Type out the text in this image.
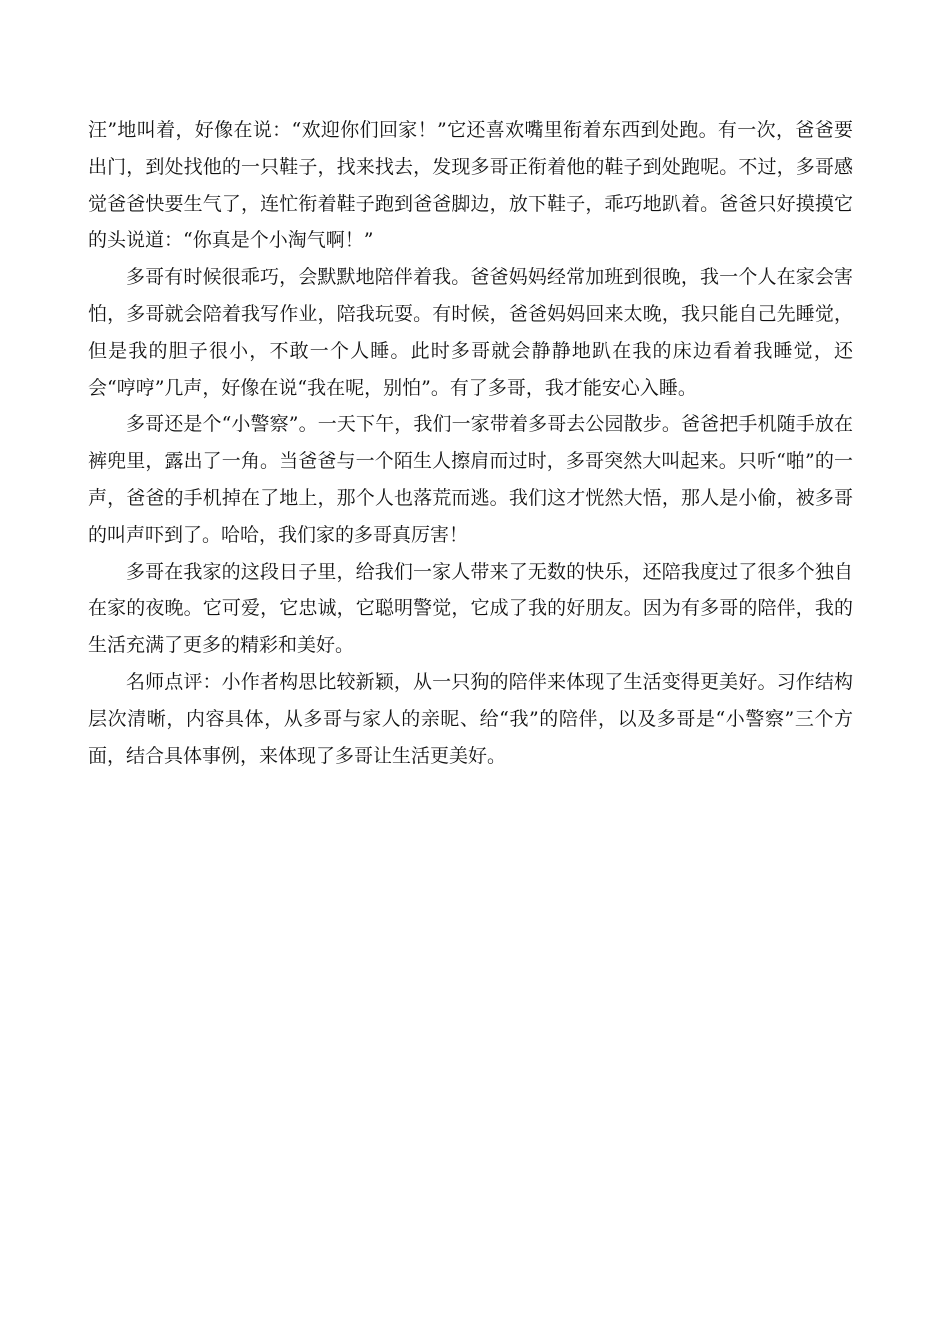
汪”地叫着，好像在说：“欢迎你们回家！”它还喜欢嘴里衔着东西到处跑。有一次，爸爸要出门，到处找他的一只鞋子，找来找去，发现多哥正衔着他的鞋子到处跑呢。不过，多哥感觉爸爸快要生气了，连忙衔着鞋子跑到爸爸脚边，放下鞋子，乖巧地趴着。爸爸只好摸摸它的头说道：“你真是个小淘气啊！”

多哥有时候很乖巧，会默默地陪伴着我。爸爸妈妈经常加班到很晚，我一个人在家会害怕，多哥就会陪着我写作业，陪我玩耍。有时候，爸爸妈妈回来太晚，我只能自己先睡觉，但是我的胆子很小，不敢一个人睡。此时多哥就会静静地趴在我的床边看着我睡觉，还会“哼哼”几声，好像在说“我在呢，别怕”。有了多哥，我才能安心入睡。

多哥还是个“小警察”。一天下午，我们一家带着多哥去公园散步。爸爸把手机随手放在裤兜里，露出了一角。当爸爸与一个陌生人擦肩而过时，多哥突然大叫起来。只听“啪”的一声，爸爸的手机掉在了地上，那个人也落荒而逃。我们这才恍然大悟，那人是小偷，被多哥的叫声吓到了。哈哈，我们家的多哥真厉害！

多哥在我家的这段日子里，给我们一家人带来了无数的快乐，还陪我度过了很多个独自在家的夜晚。它可爱，它忠诚，它聪明警觉，它成了我的好朋友。因为有多哥的陪伴，我的生活充满了更多的精彩和美好。

名师点评：小作者构思比较新颖，从一只狗的陪伴来体现了生活变得更美好。习作结构层次清晰，内容具体，从多哥与家人的亲昵、给“我”的陪伴，以及多哥是“小警察”三个方面，结合具体事例，来体现了多哥让生活更美好。
